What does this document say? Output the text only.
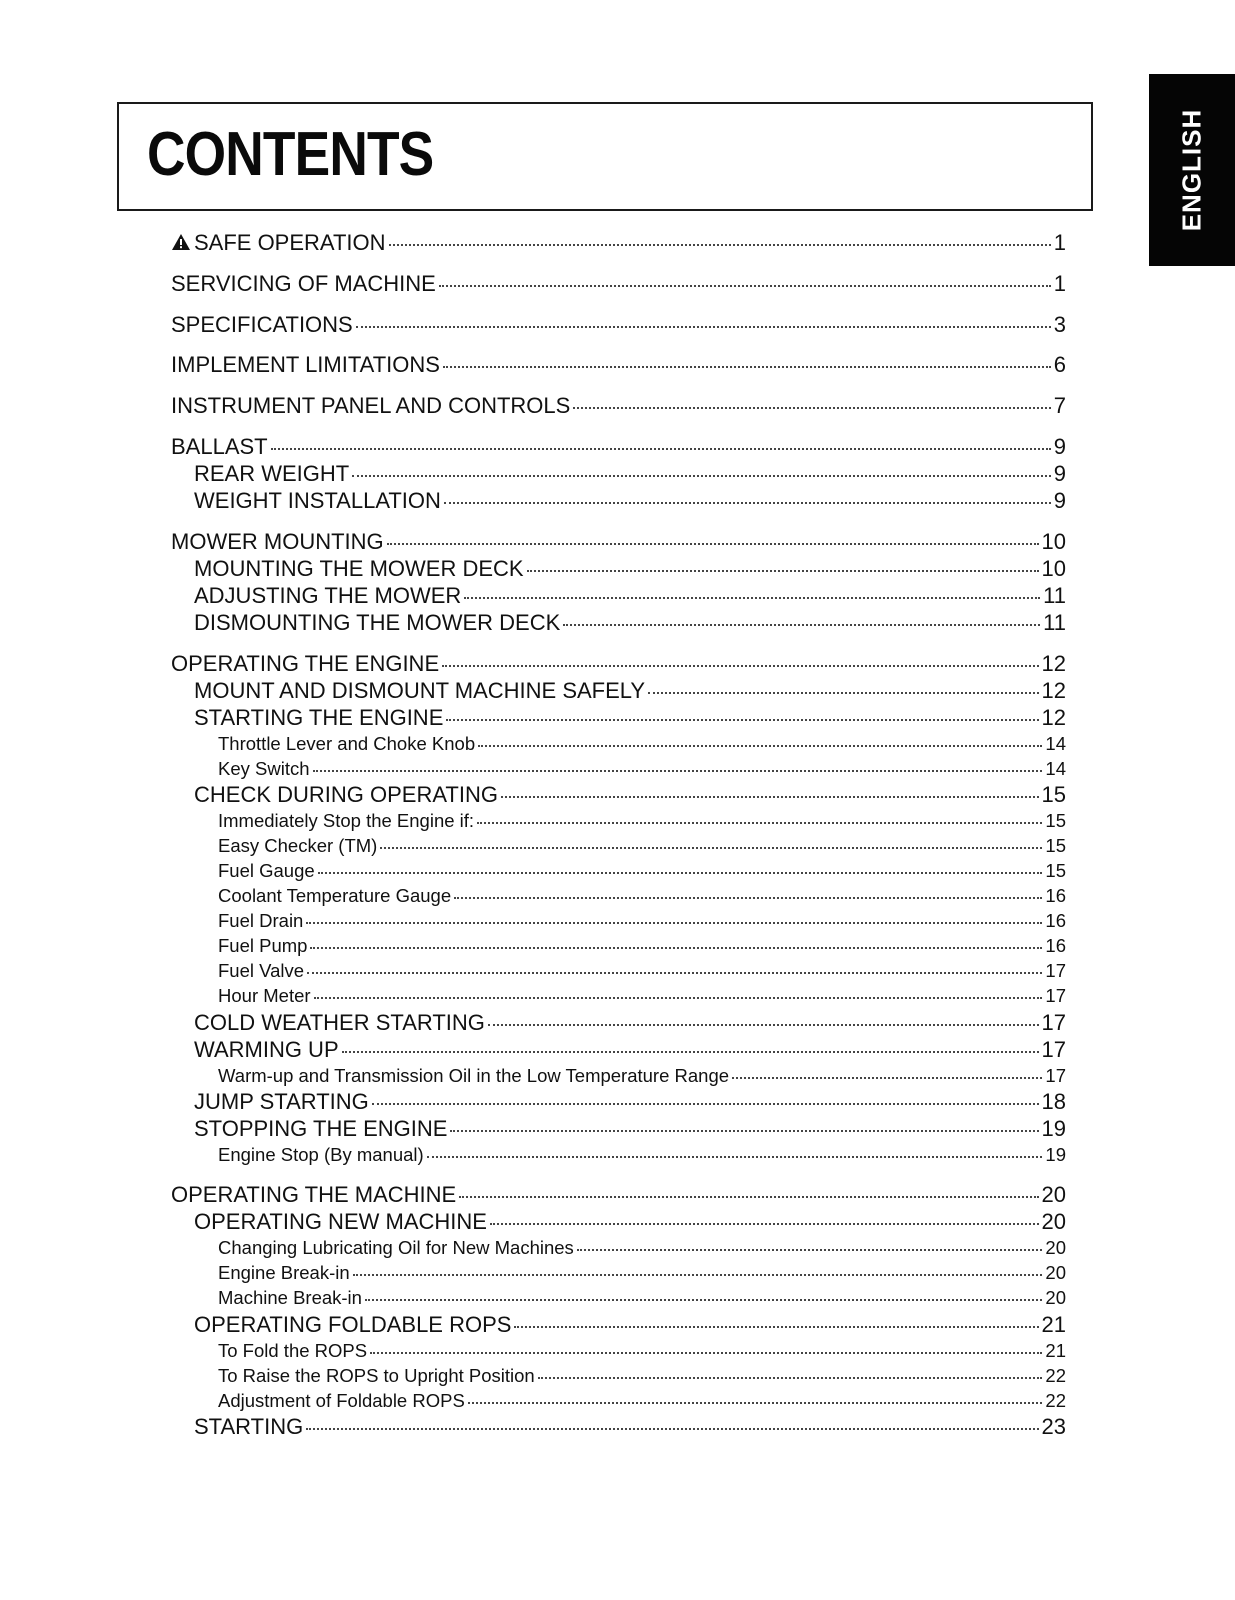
CONTENTS	ENGLISH
SAFE OPERATION	1
SERVICING OF MACHINE	1
SPECIFICATIONS	3
IMPLEMENT LIMITATIONS	6
INSTRUMENT PANEL AND CONTROLS	7
BALLAST	9
REAR WEIGHT	9
WEIGHT INSTALLATION	9
MOWER MOUNTING	10
MOUNTING THE MOWER DECK	10
ADJUSTING THE MOWER	11
DISMOUNTING THE MOWER DECK	11
OPERATING THE ENGINE	12
MOUNT AND DISMOUNT MACHINE SAFELY	12
STARTING THE ENGINE	12
Throttle Lever and Choke Knob	14
Key Switch	14
CHECK DURING OPERATING	15
Immediately Stop the Engine if:	15
Easy Checker (TM)	15
Fuel Gauge	15
Coolant Temperature Gauge	16
Fuel Drain	16
Fuel Pump	16
Fuel Valve	17
Hour Meter	17
COLD WEATHER STARTING	17
WARMING UP	17
Warm-up and Transmission Oil in the Low Temperature Range	17
JUMP STARTING	18
STOPPING THE ENGINE	19
Engine Stop (By manual)	19
OPERATING THE MACHINE	20
OPERATING NEW MACHINE	20
Changing Lubricating Oil for New Machines	20
Engine Break-in	20
Machine Break-in	20
OPERATING FOLDABLE ROPS	21
To Fold the ROPS	21
To Raise the ROPS to Upright Position	22
Adjustment of Foldable ROPS	22
STARTING	23
